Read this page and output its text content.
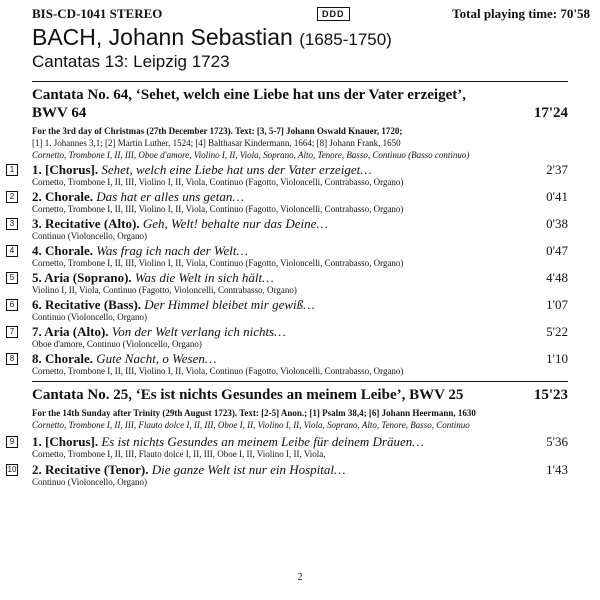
BIS-CD-1041 STEREO	DDD	Total playing time: 70'58
BACH, Johann Sebastian (1685-1750)
Cantatas 13: Leipzig 1723
Cantata No. 64, ‘Sehet, welch eine Liebe hat uns der Vater erzeiget’,
BWV 64	17'24
For the 3rd day of Christmas (27th December 1723). Text: [3, 5-7] Johann Oswald Knauer, 1720;
[1] 1. Johannes 3,1; [2] Martin Luther, 1524; [4] Balthasar Kindermann, 1664; [8] Johann Frank, 1650
Cornetto, Trombone I, II, III, Oboe d'amore, Violino I, II, Viola, Soprano, Alto, Tenore, Basso, Continuo (Basso continuo)
1 1. [Chorus]. Sehet, welch eine Liebe hat uns der Vater erzeiget…	2'37
Cornetto, Trombone I, II, III, Violino I, II, Viola, Continuo (Fagotto, Violoncelli, Contrabasso, Organo)
2 2. Chorale. Das hat er alles uns getan…	0'41
Cornetto, Trombone I, II, III, Violino I, II, Viola, Continuo (Fagotto, Violoncelli, Contrabasso, Organo)
3 3. Recitative (Alto). Geh, Welt! behalte nur das Deine…	0'38
Continuo (Violoncello, Organo)
4 4. Chorale. Was frag ich nach der Welt…	0'47
Cornetto, Trombone I, II, III, Violino I, II, Viola, Continuo (Fagotto, Violoncelli, Contrabasso, Organo)
5 5. Aria (Soprano). Was die Welt in sich hält…	4'48
Violino I, II, Viola, Continuo (Fagotto, Violoncelli, Contrabasso, Organo)
6 6. Recitative (Bass). Der Himmel bleibet mir gewiß…	1'07
Continuo (Violoncello, Organo)
7 7. Aria (Alto). Von der Welt verlang ich nichts…	5'22
Oboe d'amore, Continuo (Violoncello, Organo)
8 8. Chorale. Gute Nacht, o Wesen…	1'10
Cornetto, Trombone I, II, III, Violino I, II, Viola, Continuo (Fagotto, Violoncelli, Contrabasso, Organo)
Cantata No. 25, ‘Es ist nichts Gesundes an meinem Leibe’, BWV 25	15'23
For the 14th Sunday after Trinity (29th August 1723). Text: [2-5] Anon.; [1] Psalm 38,4; [6] Johann Heermann, 1630
Cornetto, Trombone I, II, III, Flauto dolce I, II, III, Oboe I, II, Violino I, II, Viola, Soprano, Alto, Tenore, Basso, Continuo
9 1. [Chorus]. Es ist nichts Gesundes an meinem Leibe für deinem Dräuen…	5'36
Cornetto, Trombone I, II, III, Flauto dolce I, II, III, Oboe I, II, Violino I, II, Viola,
10 2. Recitative (Tenor). Die ganze Welt ist nur ein Hospital…	1'43
Continuo (Violoncello, Organo)
2
